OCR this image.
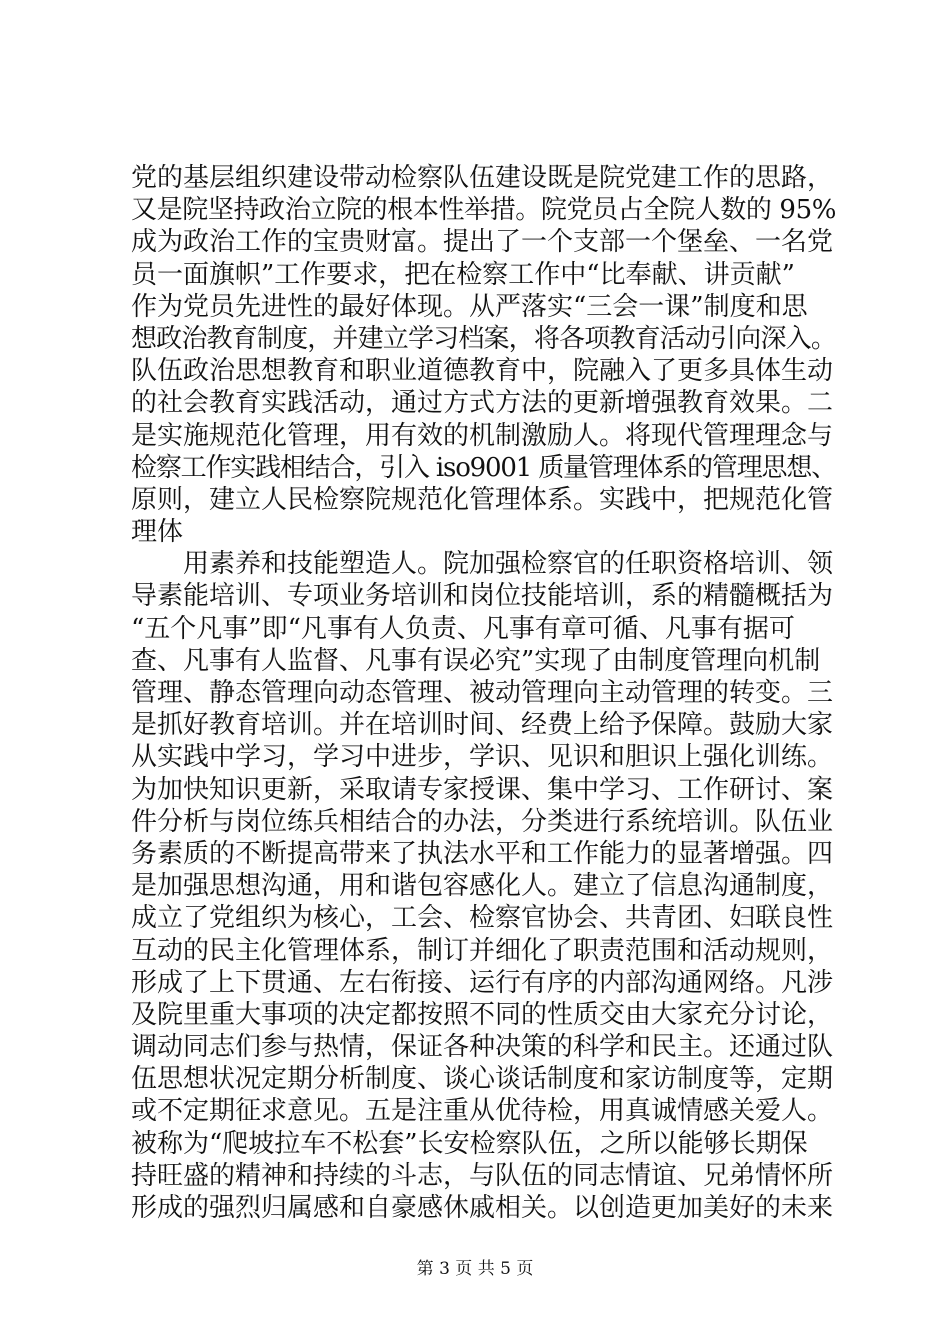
党的基层组织建设带动检察队伍建设既是院党建工作的思路，
又是院坚持政治立院的根本性举措。院党员占全院人数的 95%
成为政治工作的宝贵财富。提出了一个支部一个堡垒、一名党
员一面旗帜”工作要求，把在检察工作中“比奉献、讲贡献”
作为党员先进性的最好体现。从严落实“三会一课”制度和思
想政治教育制度，并建立学习档案，将各项教育活动引向深入。
队伍政治思想教育和职业道德教育中，院融入了更多具体生动
的社会教育实践活动，通过方式方法的更新增强教育效果。二
是实施规范化管理，用有效的机制激励人。将现代管理理念与
检察工作实践相结合，引入 iso9001 质量管理体系的管理思想、
原则，建立人民检察院规范化管理体系。实践中，把规范化管
理体
　　用素养和技能塑造人。院加强检察官的任职资格培训、领
导素能培训、专项业务培训和岗位技能培训，系的精髓概括为
“五个凡事”即“凡事有人负责、凡事有章可循、凡事有据可
查、凡事有人监督、凡事有误必究”实现了由制度管理向机制
管理、静态管理向动态管理、被动管理向主动管理的转变。三
是抓好教育培训。并在培训时间、经费上给予保障。鼓励大家
从实践中学习，学习中进步，学识、见识和胆识上强化训练。
为加快知识更新，采取请专家授课、集中学习、工作研讨、案
件分析与岗位练兵相结合的办法，分类进行系统培训。队伍业
务素质的不断提高带来了执法水平和工作能力的显著增强。四
是加强思想沟通，用和谐包容感化人。建立了信息沟通制度，
成立了党组织为核心，工会、检察官协会、共青团、妇联良性
互动的民主化管理体系，制订并细化了职责范围和活动规则，
形成了上下贯通、左右衔接、运行有序的内部沟通网络。凡涉
及院里重大事项的决定都按照不同的性质交由大家充分讨论，
调动同志们参与热情，保证各种决策的科学和民主。还通过队
伍思想状况定期分析制度、谈心谈话制度和家访制度等，定期
或不定期征求意见。五是注重从优待检，用真诚情感关爱人。
被称为“爬坡拉车不松套”长安检察队伍，之所以能够长期保
持旺盛的精神和持续的斗志，与队伍的同志情谊、兄弟情怀所
形成的强烈归属感和自豪感休戚相关。以创造更加美好的未来
第 3 页 共 5 页
